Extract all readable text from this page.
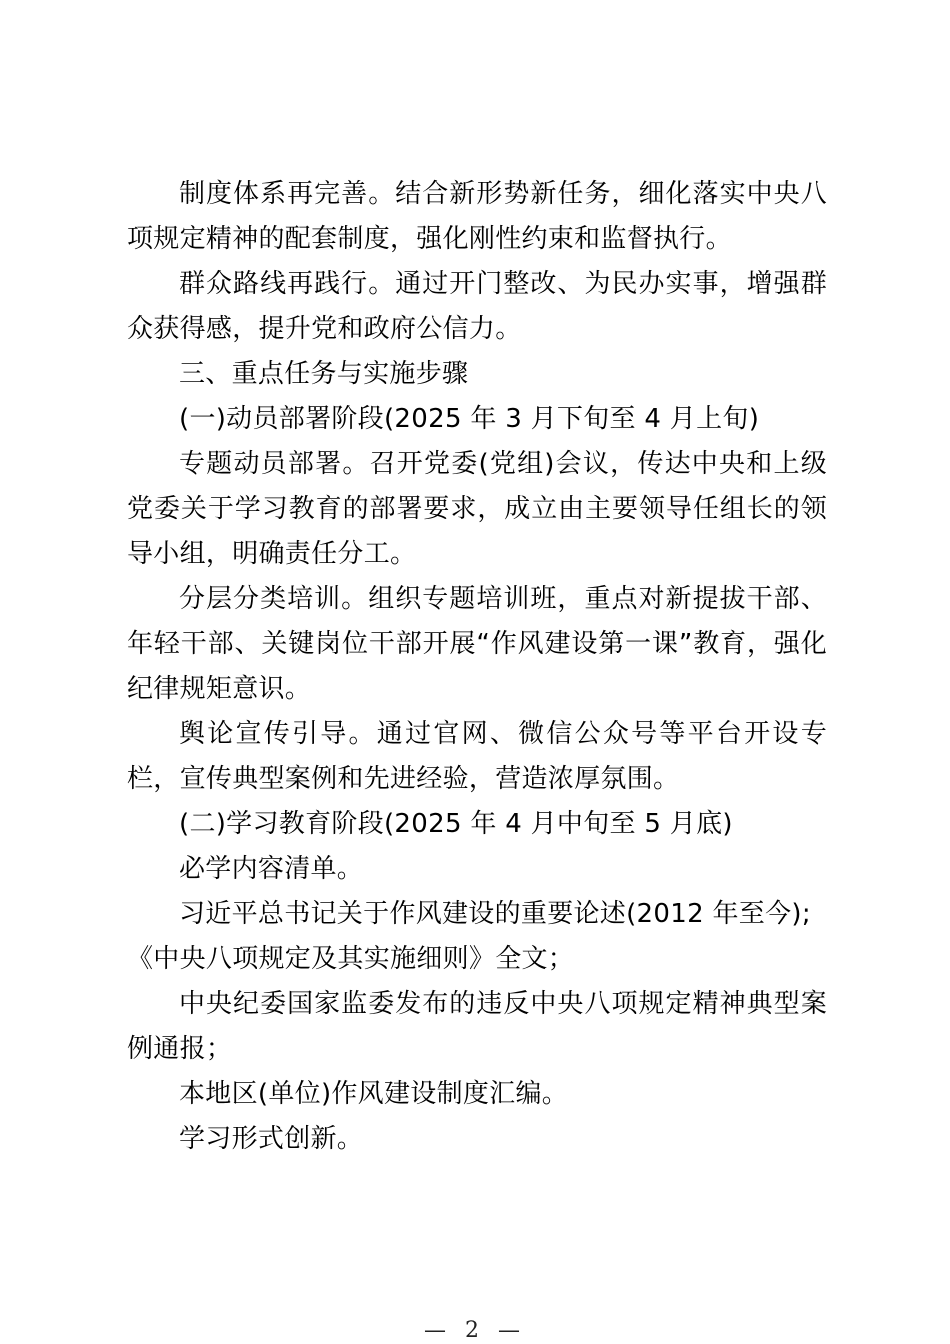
制度体系再完善。结合新形势新任务，细化落实中央八项规定精神的配套制度，强化刚性约束和监督执行。

群众路线再践行。通过开门整改、为民办实事，增强群众获得感，提升党和政府公信力。

三、重点任务与实施步骤

(一)动员部署阶段(2025 年 3 月下旬至 4 月上旬)

专题动员部署。召开党委(党组)会议，传达中央和上级党委关于学习教育的部署要求，成立由主要领导任组长的领导小组，明确责任分工。

分层分类培训。组织专题培训班，重点对新提拔干部、年轻干部、关键岗位干部开展“作风建设第一课”教育，强化纪律规矩意识。

舆论宣传引导。通过官网、微信公众号等平台开设专栏，宣传典型案例和先进经验，营造浓厚氛围。

(二)学习教育阶段(2025 年 4 月中旬至 5 月底)

必学内容清单。

习近平总书记关于作风建设的重要论述(2012 年至今);

《中央八项规定及其实施细则》全文；

中央纪委国家监委发布的违反中央八项规定精神典型案例通报；

本地区(单位)作风建设制度汇编。

学习形式创新。

— 2 —
